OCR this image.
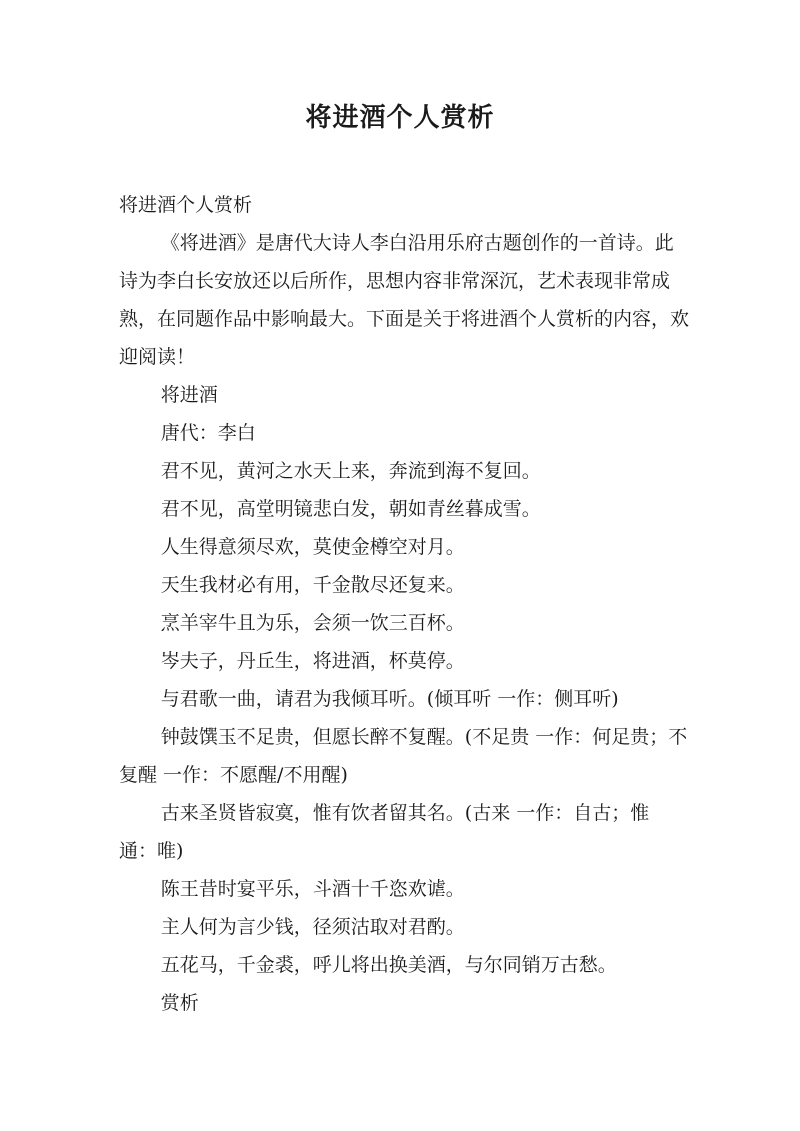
将进酒个人赏析

将进酒个人赏析

《将进酒》是唐代大诗人李白沿用乐府古题创作的一首诗。此诗为李白长安放还以后所作，思想内容非常深沉，艺术表现非常成熟，在同题作品中影响最大。下面是关于将进酒个人赏析的内容，欢迎阅读！

将进酒

唐代：李白

君不见，黄河之水天上来，奔流到海不复回。

君不见，高堂明镜悲白发，朝如青丝暮成雪。

人生得意须尽欢，莫使金樽空对月。

天生我材必有用，千金散尽还复来。

烹羊宰牛且为乐，会须一饮三百杯。

岑夫子，丹丘生，将进酒，杯莫停。

与君歌一曲，请君为我倾耳听。(倾耳听 一作：侧耳听)

钟鼓馔玉不足贵，但愿长醉不复醒。(不足贵 一作：何足贵；不复醒 一作：不愿醒/不用醒)

古来圣贤皆寂寞，惟有饮者留其名。(古来 一作：自古；惟 通：唯)

陈王昔时宴平乐，斗酒十千恣欢谑。

主人何为言少钱，径须沽取对君酌。

五花马，千金裘，呼儿将出换美酒，与尔同销万古愁。

赏析
